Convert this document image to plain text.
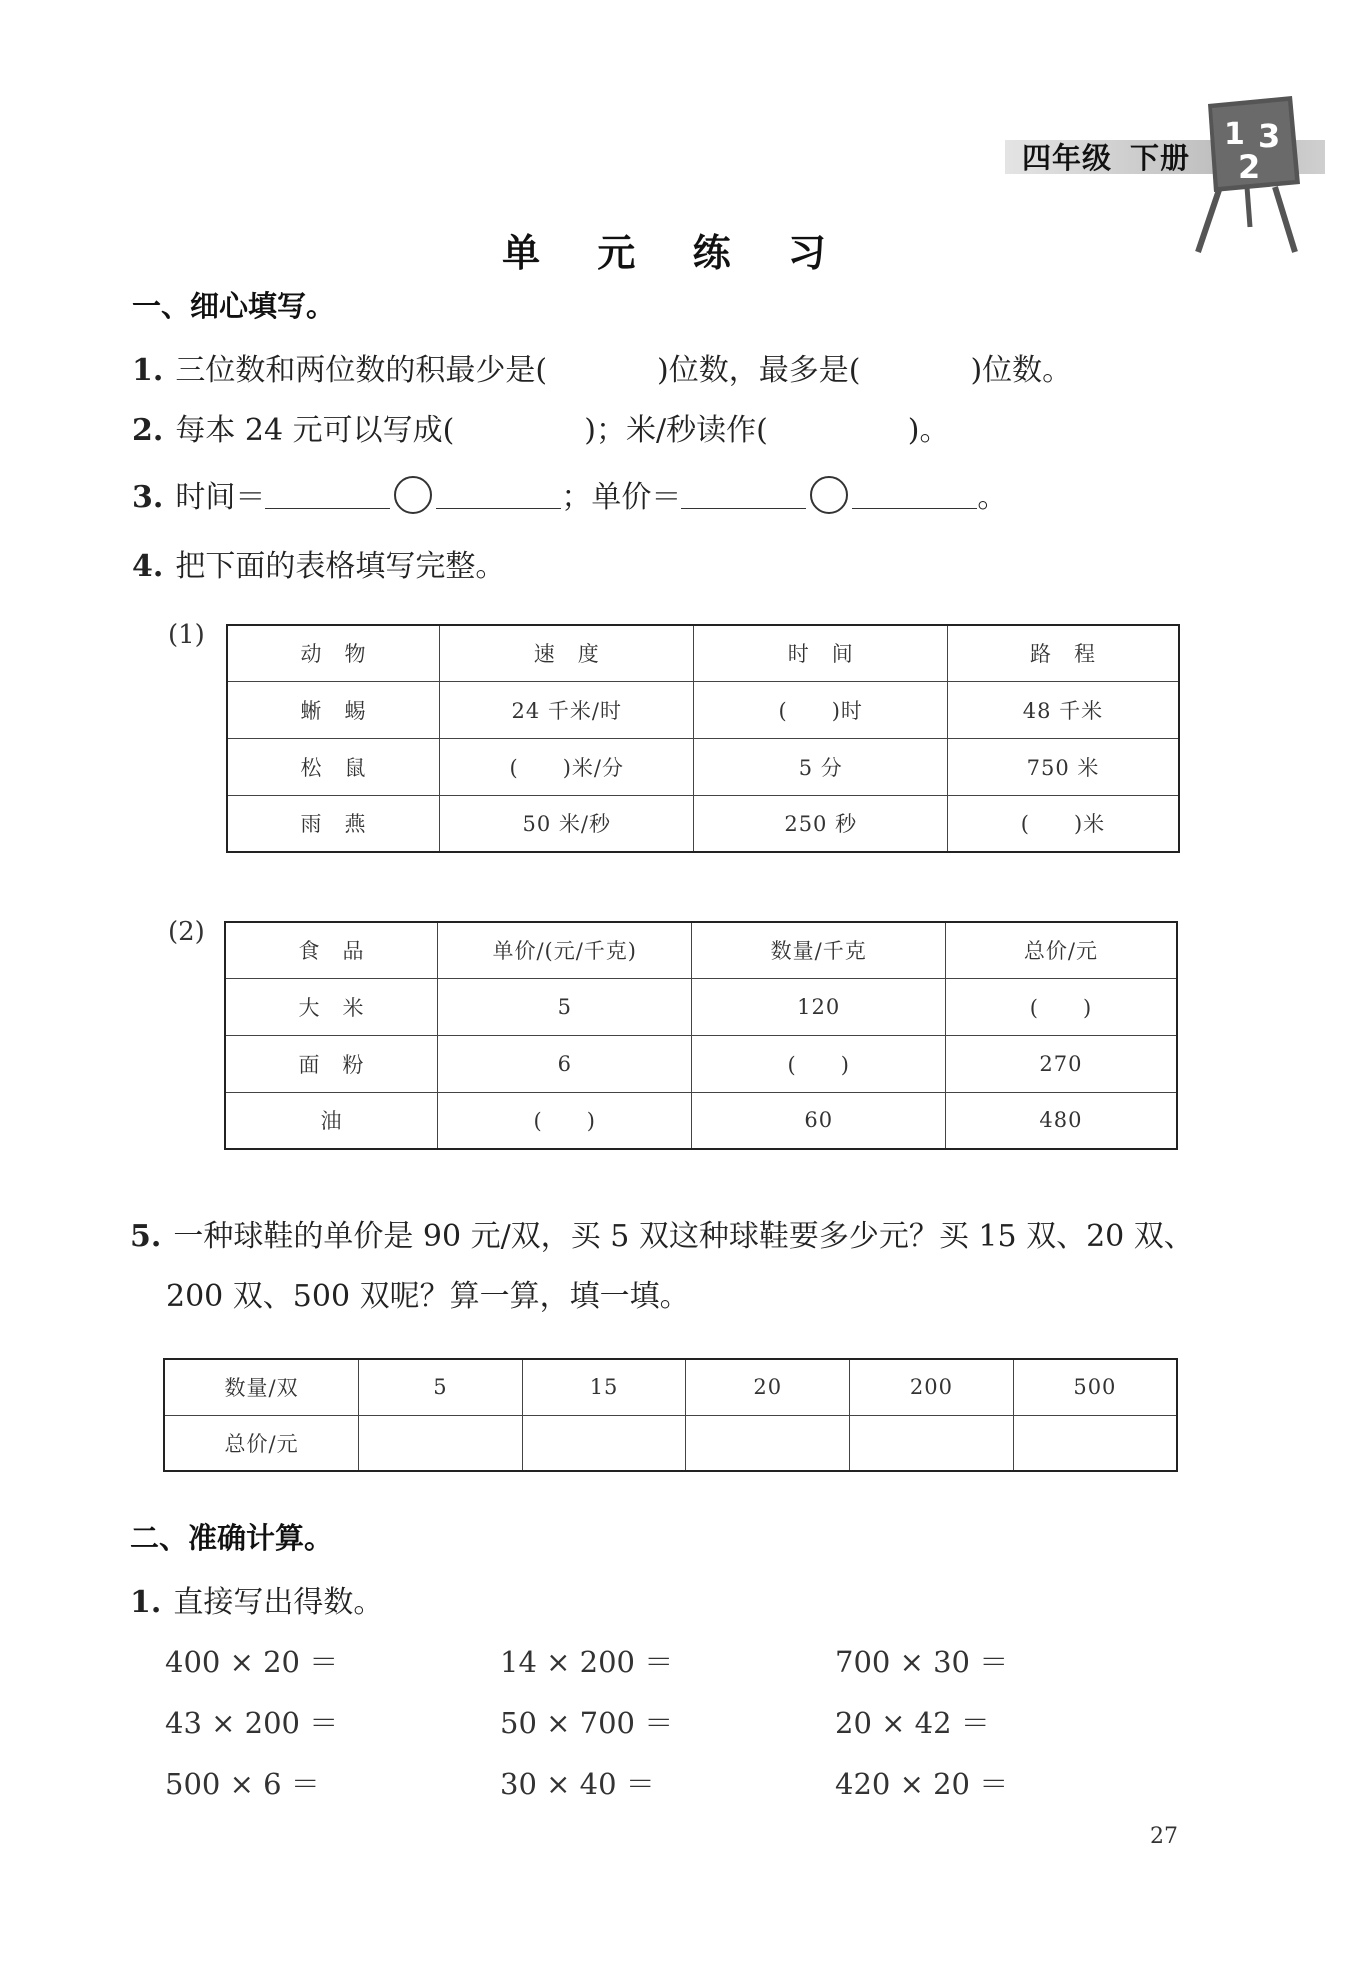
四年级 下册
1 3
2
单 元 练 习
一、细心填写。
1. 三位数和两位数的积最少是(	)位数，最多是(	)位数。
2. 每本 24 元可以写成(	)；米/秒读作(	)。
3. 时间＝	；单价＝	。
4. 把下面的表格填写完整。
(1)
动　物	速　度	时　间	路　程
蜥　蜴	24 千米/时	(　　)时	48 千米
松　鼠	(　　)米/分	5 分	750 米
雨　燕	50 米/秒	250 秒	(　　)米
(2)
食　品	单价/(元/千克)	数量/千克	总价/元
大　米	5	120	(　　)
面　粉	6	(　　)	270
油	(　　)	60	480
5. 一种球鞋的单价是 90 元/双，买 5 双这种球鞋要多少元？买 15 双、20 双、
200 双、500 双呢？算一算，填一填。
数量/双	5	15	20	200	500
总价/元					
二、准确计算。
1. 直接写出得数。
400 × 20 ＝	14 × 200 ＝	700 × 30 ＝
43 × 200 ＝	50 × 700 ＝	20 × 42 ＝
500 × 6 ＝	30 × 40 ＝	420 × 20 ＝
27
